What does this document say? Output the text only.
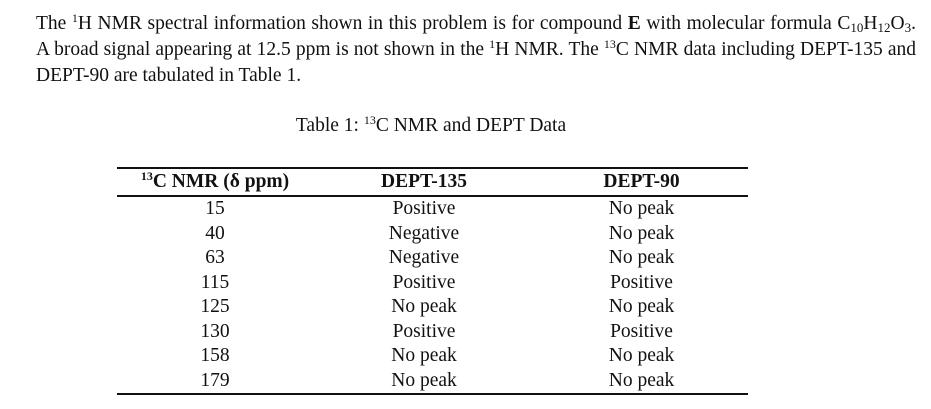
The $^1$H NMR spectral information shown in this problem is for compound E with molecular formula $C_{10}H_{12}O_3$. A broad signal appearing at 12.5 ppm is not shown in the $^1$H NMR. The $^{13}$C NMR data including DEPT-135 and DEPT-90 are tabulated in Table 1.

Table 1: $^{13}$C NMR and DEPT Data

$^{13}$C NMR (δ ppm)	DEPT-135	DEPT-90
15	Positive	No peak
40	Negative	No peak
63	Negative	No peak
115	Positive	Positive
125	No peak	No peak
130	Positive	Positive
158	No peak	No peak
179	No peak	No peak
